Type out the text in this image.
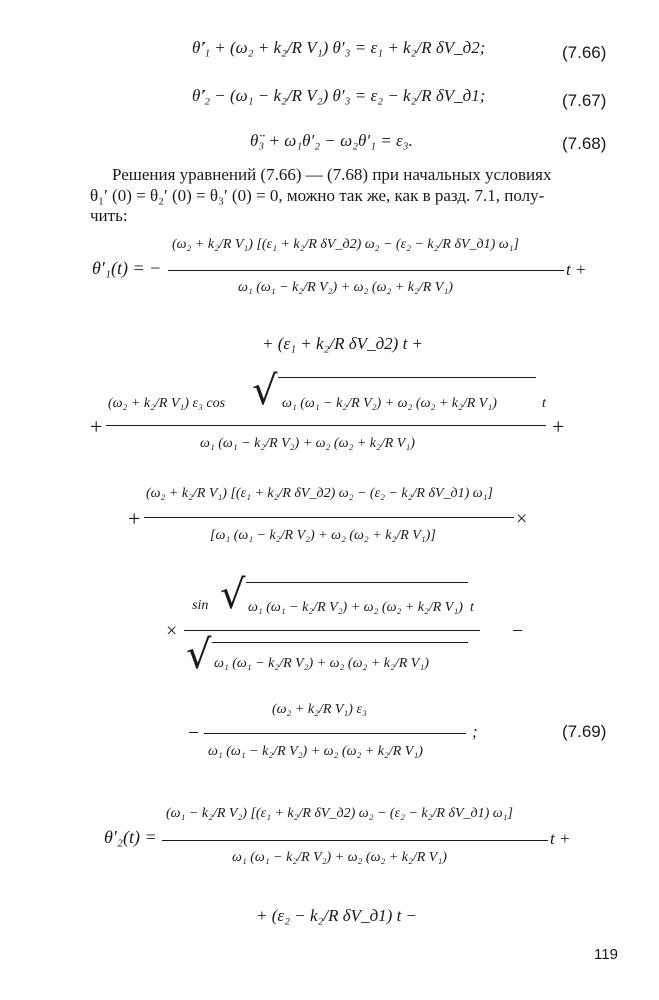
θ̇′₁ + (ω₂ + k₂/R V₁) θ′₃ = ε₁ + k₂/R δV_д2;	(7.66)
θ̇′₂ − (ω₁ − k₂/R V₂) θ′₃ = ε₂ − k₂/R δV_д1;	(7.67)
θ̈₃ + ω₁θ′₂ − ω₂θ′₁ = ε₃.	(7.68)
Решения уравнений (7.66) — (7.68) при начальных условиях
θ₁′ (0) = θ₂′ (0) = θ₃′ (0) = 0, можно так же, как в разд. 7.1, полу-
чить:
θ′₁(t) = −
(ω₂ + k₂/R V₁) [(ε₁ + k₂/R δV_д2) ω₂ − (ε₂ − k₂/R δV_д1) ω₁]
ω₁ (ω₁ − k₂/R V₂) + ω₂ (ω₂ + k₂/R V₁)
t +
+ (ε₁ + k₂/R δV_д2) t +
+
(ω₂ + k₂/R V₁) ε₃ cos √ ω₁ (ω₁ − k₂/R V₂) + ω₂ (ω₂ + k₂/R V₁)	t
ω₁ (ω₁ − k₂/R V₂) + ω₂ (ω₂ + k₂/R V₁)
+
+
(ω₂ + k₂/R V₁) [(ε₁ + k₂/R δV_д2) ω₂ − (ε₂ − k₂/R δV_д1) ω₁]
[ω₁ (ω₁ − k₂/R V₂) + ω₂ (ω₂ + k₂/R V₁)]
×
×
sin √ ω₁ (ω₁ − k₂/R V₂) + ω₂ (ω₂ + k₂/R V₁) t
√ ω₁ (ω₁ − k₂/R V₂) + ω₂ (ω₂ + k₂/R V₁)
−
−
(ω₂ + k₂/R V₁) ε₃
ω₁ (ω₁ − k₂/R V₂) + ω₂ (ω₂ + k₂/R V₁)
;	(7.69)
θ′₂(t) =
(ω₁ − k₂/R V₂) [(ε₁ + k₂/R δV_д2) ω₂ − (ε₂ − k₂/R δV_д1) ω₁]
ω₁ (ω₁ − k₂/R V₂) + ω₂ (ω₂ + k₂/R V₁)
t +
+ (ε₂ − k₂/R δV_д1) t −
119
